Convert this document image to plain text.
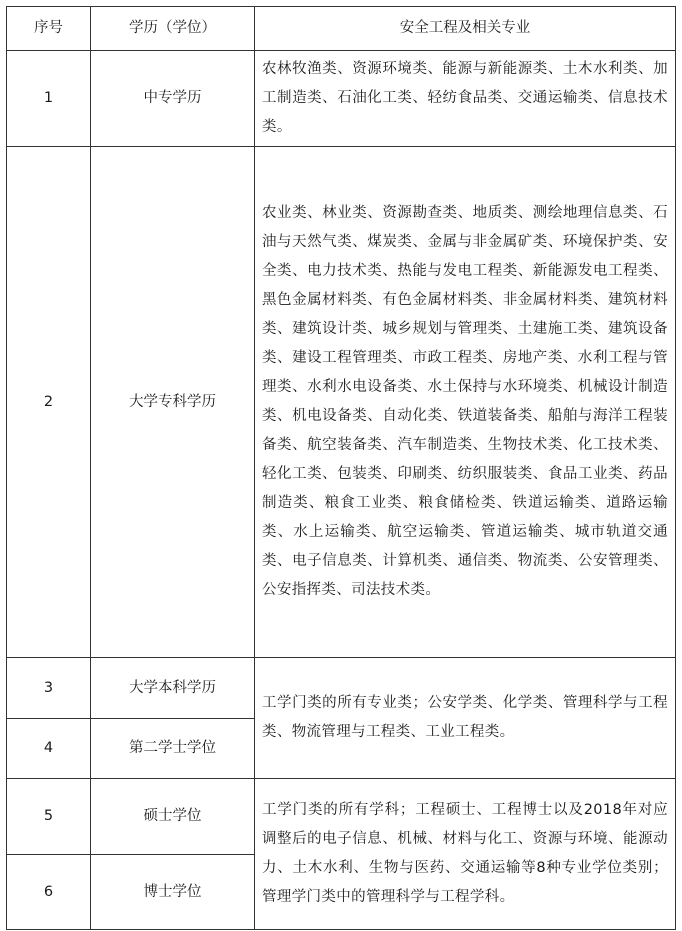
序号	学历（学位）	安全工程及相关专业
1	中专学历	农林牧渔类、资源环境类、能源与新能源类、土木水利类、加工制造类、石油化工类、轻纺食品类、交通运输类、信息技术类。
2	大学专科学历	农业类、林业类、资源勘查类、地质类、测绘地理信息类、石油与天然气类、煤炭类、金属与非金属矿类、环境保护类、安全类、电力技术类、热能与发电工程类、新能源发电工程类、黑色金属材料类、有色金属材料类、非金属材料类、建筑材料类、建筑设计类、城乡规划与管理类、土建施工类、建筑设备类、建设工程管理类、市政工程类、房地产类、水利工程与管理类、水利水电设备类、水土保持与水环境类、机械设计制造类、机电设备类、自动化类、铁道装备类、船舶与海洋工程装备类、航空装备类、汽车制造类、生物技术类、化工技术类、轻化工类、包装类、印刷类、纺织服装类、食品工业类、药品制造类、粮食工业类、粮食储检类、铁道运输类、道路运输类、水上运输类、航空运输类、管道运输类、城市轨道交通类、电子信息类、计算机类、通信类、物流类、公安管理类、公安指挥类、司法技术类。
3	大学本科学历	工学门类的所有专业类；公安学类、化学类、管理科学与工程类、物流管理与工程类、工业工程类。
4	第二学士学位	
5	硕士学位	工学门类的所有学科；工程硕士、工程博士以及2018年对应调整后的电子信息、机械、材料与化工、资源与环境、能源动力、土木水利、生物与医药、交通运输等8种专业学位类别；管理学门类中的管理科学与工程学科。
6	博士学位	
